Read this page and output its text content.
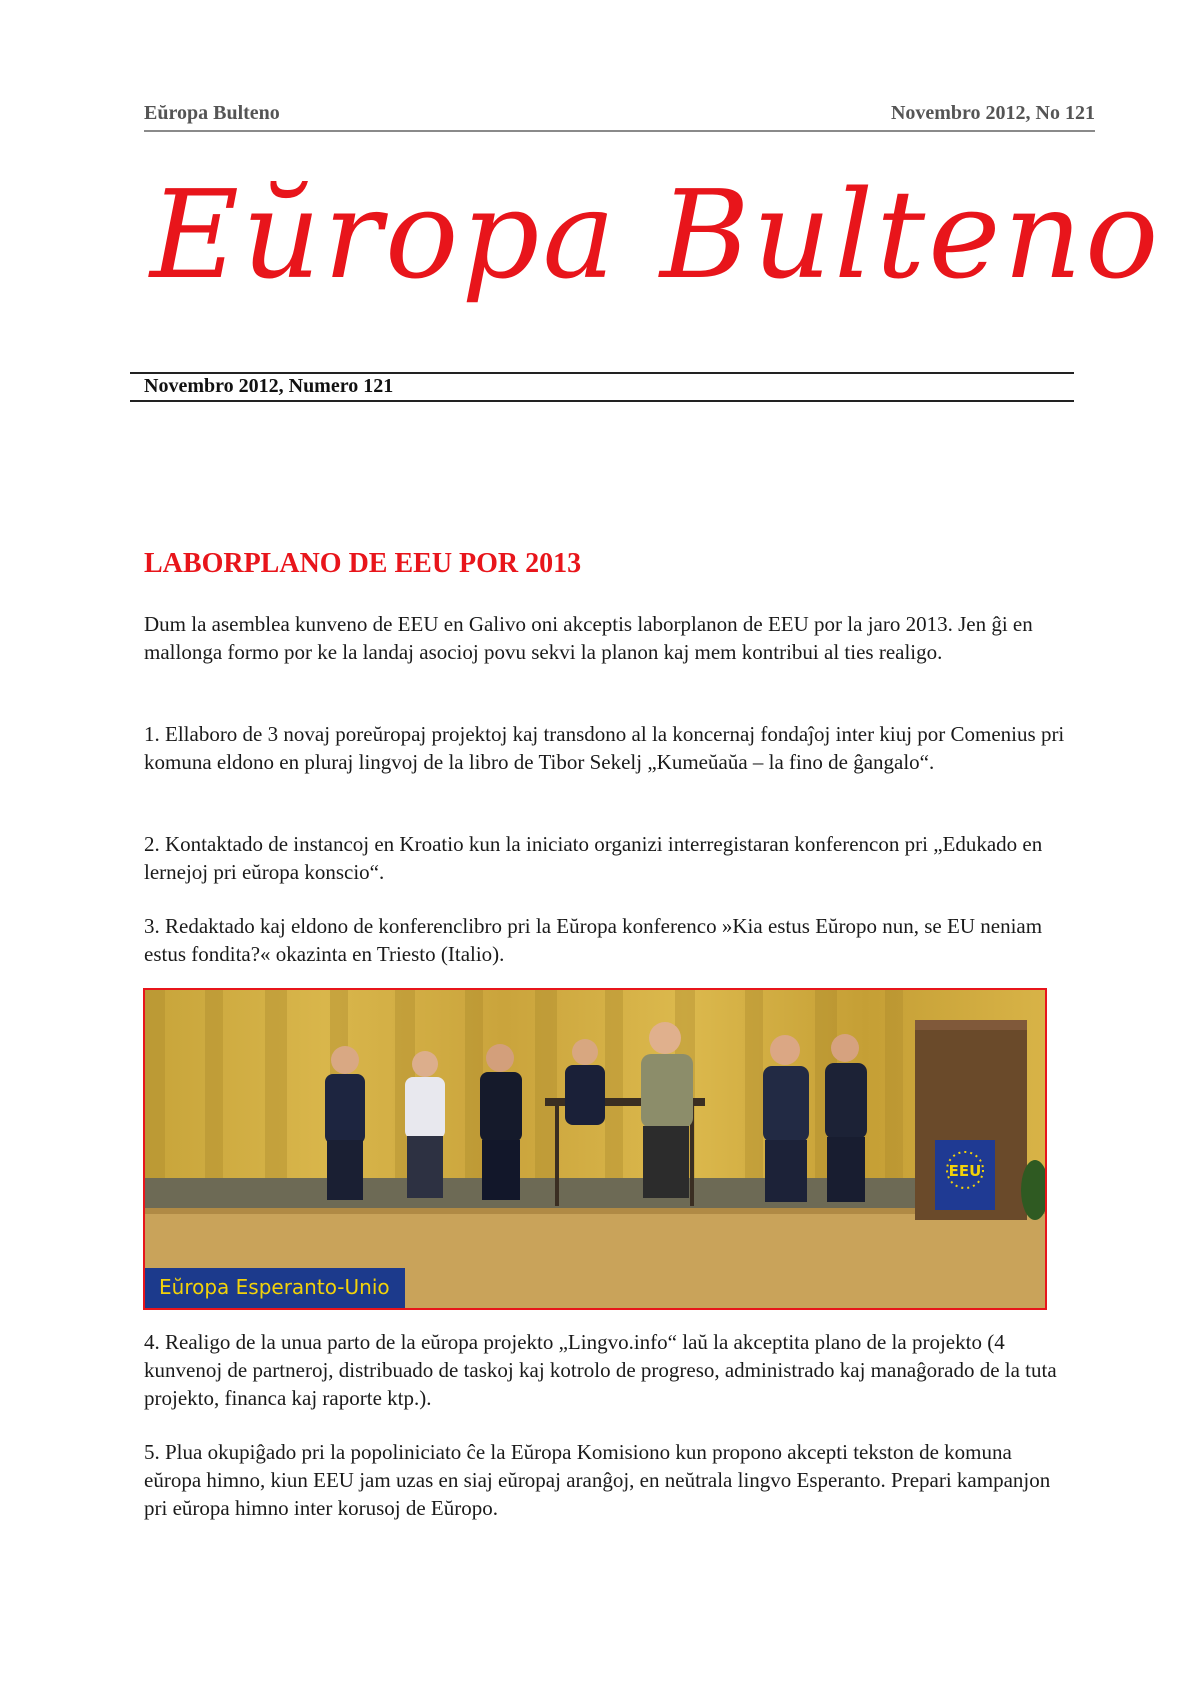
Eŭropa Bulteno	Novembro 2012, No 121
Eŭropa Bulteno
Novembro 2012, Numero 121
LABORPLANO DE EEU POR 2013

Dum la asemblea kunveno de EEU en Galivo oni akceptis laborplanon de EEU por la jaro 2013. Jen ĝi en mallonga formo por ke la landaj asocioj povu sekvi la planon kaj mem kontribui al ties realigo.

1. Ellaboro de 3 novaj poreŭropaj projektoj kaj transdono al la koncernaj fondaĵoj inter kiuj por Comenius pri komuna eldono en pluraj lingvoj de la libro de Tibor Sekelj „Kumeŭaŭa – la fino de ĝangalo“.

2. Kontaktado de instancoj en Kroatio kun la iniciato organizi interregistaran konferencon pri „Edukado en lernejoj pri eŭropa konscio“.

3. Redaktado kaj eldono de konferenclibro pri la Eŭropa konferenco »Kia estus Eŭropo nun, se EU neniam estus fondita?« okazinta en Triesto (Italio).

EEU
Eŭropa Esperanto-Unio

4. Realigo de la unua parto de la eŭropa projekto „Lingvo.info“ laŭ la akceptita plano de la projekto (4 kunvenoj de partneroj, distribuado de taskoj kaj kotrolo de progreso, administrado kaj manaĝorado de la tuta projekto, financa kaj raporte ktp.).

5. Plua okupiĝado pri la popoliniciato ĉe la Eŭropa Komisiono kun propono akcepti tekston de komuna eŭropa himno, kiun EEU jam uzas en siaj eŭropaj aranĝoj, en neŭtrala lingvo Esperanto. Prepari kampanjon pri eŭropa himno inter korusoj de Eŭropo.
